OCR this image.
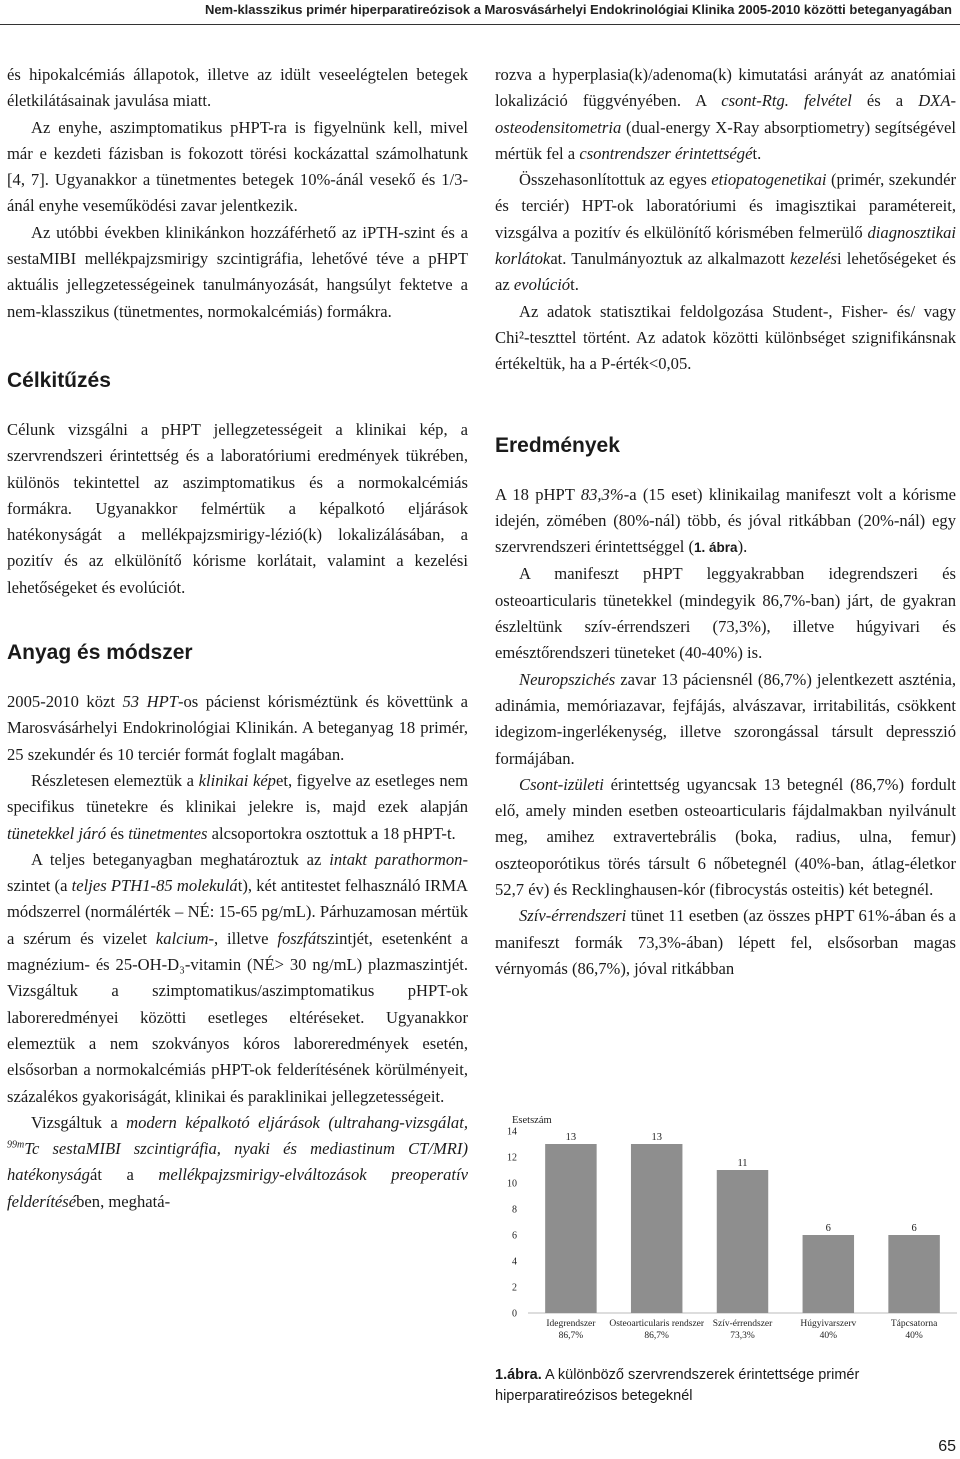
Nem-klasszikus primér hiperparatireózisok a Marosvásárhelyi Endokrinológiai Klinika 2005-2010 közötti beteganyagában

és hipokalcémiás állapotok, illetve az idült veseelégtelen betegek életkilátásainak javulása miatt.

Az enyhe, aszimptomatikus pHPT-ra is figyelnünk kell, mivel már e kezdeti fázisban is fokozott törési kockázattal számolhatunk [4, 7]. Ugyanakkor a tünetmentes betegek 10%-ánál vesekő és 1/3-ánál enyhe veseműködési zavar jelentkezik.

Az utóbbi években klinikánkon hozzáférhető az iPTH-szint és a sestaMIBI mellékpajzsmirigy szcintigráfia, lehetővé téve a pHPT aktuális jellegzetességeinek tanulmányozását, hangsúlyt fektetve a nem-klasszikus (tünetmentes, normokalcémiás) formákra.

Célkitűzés

Célunk vizsgálni a pHPT jellegzetességeit a klinikai kép, a szervrendszeri érintettség és a laboratóriumi eredmények tükrében, különös tekintettel az aszimptomatikus és a normokalcémiás formákra. Ugyanakkor felmértük a képalkotó eljárások hatékonyságát a mellékpajzsmirigy-lézió(k) lokalizálásában, a pozitív és az elkülönítő kórisme korlátait, valamint a kezelési lehetőségeket és evolúciót.

Anyag és módszer

2005-2010 közt 53 HPT-os pácienst kórisméztünk és követtünk a Marosvásárhelyi Endokrinológiai Klinikán. A beteganyag 18 primér, 25 szekundér és 10 terciér formát foglalt magában.

Részletesen elemeztük a klinikai képet, figyelve az esetleges nem specifikus tünetekre és klinikai jelekre is, majd ezek alapján tünetekkel járó és tünetmentes alcsoportokra osztottuk a 18 pHPT-t.

A teljes beteganyagban meghatároztuk az intakt parathormon-szintet (a teljes PTH1-85 molekulát), két antitestet felhasználó IRMA módszerrel (normálérték – NÉ: 15-65 pg/mL). Párhuzamosan mértük a szérum és vizelet kalcium-, illetve foszfátszintjét, esetenként a magnézium- és 25-OH-D₃-vitamin (NÉ> 30 ng/mL) plazmaszintjét. Vizsgáltuk a szimptomatikus/aszimptomatikus pHPT-ok laboreredményei közötti esetleges eltéréseket. Ugyanakkor elemeztük a nem szokványos kóros laboreredmények esetén, elsősorban a normokalcémiás pHPT-ok felderítésének körülményeit, százalékos gyakoriságát, klinikai és paraklinikai jellegzetességeit.

Vizsgáltuk a modern képalkotó eljárások (ultrahang-vizsgálat, $^{99m}$Tc sestaMIBI szcintigráfia, nyaki és mediastinum CT/MRI) hatékonyságát a mellékpajzsmirigy-elváltozások preoperatív felderítésében, meghatá-

rozva a hyperplasia(k)/adenoma(k) kimutatási arányát az anatómiai lokalizáció függvényében. A csont-Rtg. felvétel és a DXA-osteodensitometria (dual-energy X-Ray absorptiometry) segítségével mértük fel a csontrendszer érintettségét.

Összehasonlítottuk az egyes etiopatogenetikai (primér, szekundér és terciér) HPT-ok laboratóriumi és imagisztikai paramétereit, vizsgálva a pozitív és elkülönítő kórismében felmerülő diagnosztikai korlátokat. Tanulmányoztuk az alkalmazott kezelési lehetőségeket és az evolúciót.

Az adatok statisztikai feldolgozása Student-, Fisher- és/ vagy Chi²-teszttel történt. Az adatok közötti különbséget szignifikánsnak értékeltük, ha a P-érték<0,05.

Eredmények

A 18 pHPT 83,3%-a (15 eset) klinikailag manifeszt volt a kórisme idején, zömében (80%-nál) több, és jóval ritkábban (20%-nál) egy szervrendszeri érintettséggel (1. ábra).

A manifeszt pHPT leggyakrabban idegrendszeri és osteoarticularis tünetekkel (mindegyik 86,7%-ban) járt, de gyakran észleltünk szív-érrendszeri (73,3%), illetve húgyivari és emésztőrendszeri tüneteket (40-40%) is.

Neuropszichés zavar 13 páciensnél (86,7%) jelentkezett aszténia, adinámia, memóriazavar, fejfájás, alvászavar, irritabilitás, csökkent idegizom-ingerlékenység, illetve szorongással társult depresszió formájában.

Csont-izületi érintettség ugyancsak 13 betegnél (86,7%) fordult elő, amely minden esetben osteoarticularis fájdalmakban nyilvánult meg, amihez extravertebrális (boka, radius, ulna, femur) oszteoporótikus törés társult 6 nőbetegnél (40%-ban, átlag-életkor 52,7 év) és Recklinghausen-kór (fibrocystás osteitis) két betegnél.

Szív-érrendszeri tünet 11 esetben (az összes pHPT 61%-ában és a manifeszt formák 73,3%-ában) lépett fel, elsősorban magas vérnyomás (86,7%), jóval ritkábban

Esetszám
0
2
4
6
8
10
12
14	13
Idegrendszer
86,7%
13
Osteoarticularis rendszer
86,7%
11
Szív-érrendszer
73,3%
6
Húgyivarszerv
40%
6
Tápcsatorna
40%
1.ábra. A különböző szervrendszerek érintettsége primér hiperparatireózisos betegeknél
65
